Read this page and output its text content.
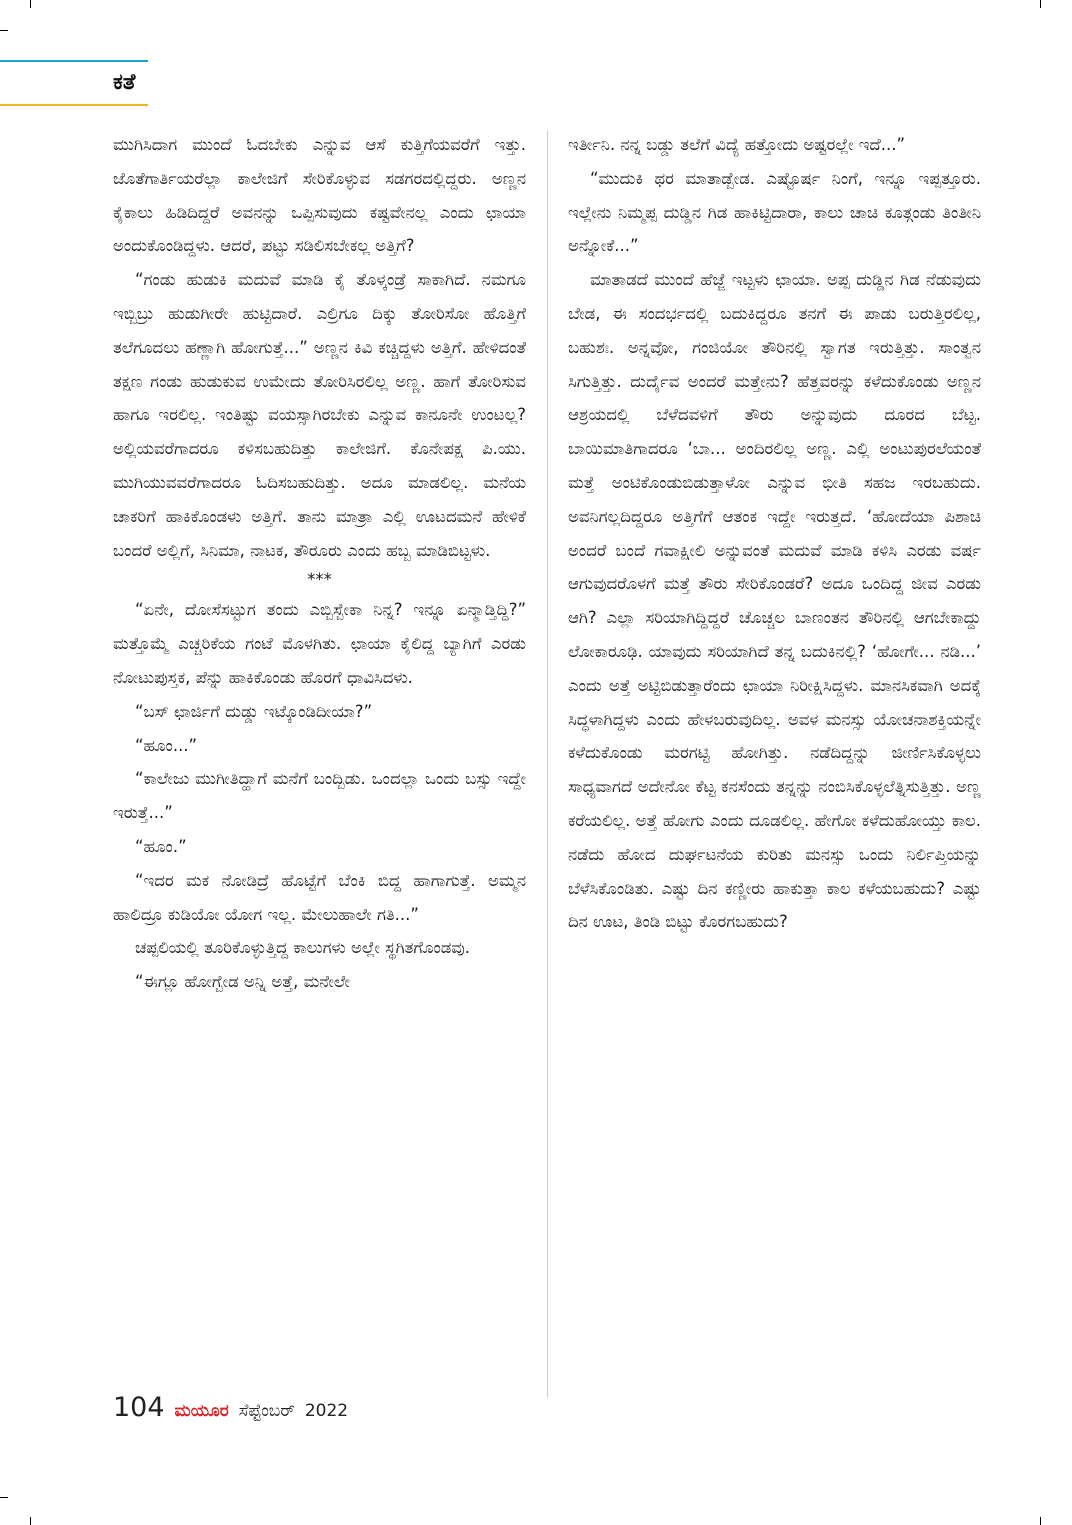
ಕತೆ

ಮುಗಿಸಿದಾಗ ಮುಂದೆ ಓದಬೇಕು ಎನ್ನುವ ಆಸೆ ಕುತ್ತಿಗೆಯವರೆಗೆ ಇತ್ತು. ಜೊತೆಗಾರ್ತಿಯರೆಲ್ಲಾ ಕಾಲೇಜಿಗೆ ಸೇರಿಕೊಳ್ಳುವ ಸಡಗರದಲ್ಲಿದ್ದರು. ಅಣ್ಣನ ಕೈಕಾಲು ಹಿಡಿದಿದ್ದರೆ ಅವನನ್ನು ಒಪ್ಪಿಸುವುದು ಕಷ್ಟವೇನಲ್ಲ ಎಂದು ಛಾಯಾ ಅಂದುಕೊಂಡಿದ್ದಳು. ಆದರೆ, ಪಟ್ಟು ಸಡಿಲಿಸಬೇಕಲ್ಲ ಅತ್ತಿಗೆ?

“ಗಂಡು ಹುಡುಕಿ ಮದುವೆ ಮಾಡಿ ಕೈ ತೊಳ್ಕಂಡ್ರೆ ಸಾಕಾಗಿದೆ. ನಮಗೂ ಇಬ್ಬಿಬ್ರು ಹುಡುಗೀರೇ ಹುಟ್ಟಿದಾರೆ. ಎಲ್ರಿಗೂ ದಿಕ್ಕು ತೋರಿಸೋ ಹೊತ್ತಿಗೆ ತಲೆಗೂದಲು ಹಣ್ಣಾಗಿ ಹೋಗುತ್ತೆ...” ಅಣ್ಣನ ಕಿವಿ ಕಚ್ಚಿದ್ದಳು ಅತ್ತಿಗೆ. ಹೇಳಿದಂತೆ ತಕ್ಷಣ ಗಂಡು ಹುಡುಕುವ ಉಮೇದು ತೋರಿಸಿರಲಿಲ್ಲ ಅಣ್ಣ. ಹಾಗೆ ತೋರಿಸುವ ಹಾಗೂ ಇರಲಿಲ್ಲ. ಇಂತಿಷ್ಟು ವಯಸ್ಸಾಗಿರಬೇಕು ಎನ್ನುವ ಕಾನೂನೇ ಉಂಟಲ್ಲ? ಅಲ್ಲಿಯವರೆಗಾದರೂ ಕಳಿಸಬಹುದಿತ್ತು ಕಾಲೇಜಿಗೆ. ಕೊನೇಪಕ್ಷ ಪಿ.ಯು. ಮುಗಿಯುವವರೆಗಾದರೂ ಓದಿಸಬಹುದಿತ್ತು. ಅದೂ ಮಾಡಲಿಲ್ಲ. ಮನೆಯ ಚಾಕರಿಗೆ ಹಾಕಿಕೊಂಡಳು ಅತ್ತಿಗೆ. ತಾನು ಮಾತ್ರಾ ಎಲ್ಲಿ ಊಟದಮನೆ ಹೇಳಿಕೆ ಬಂದರೆ ಅಲ್ಲಿಗೆ, ಸಿನಿಮಾ, ನಾಟಕ, ತೌರೂರು ಎಂದು ಹಬ್ಬ ಮಾಡಿಬಿಟ್ಟಳು.

***

“ಏನೇ, ದೋಸೆಸಟ್ಟುಗ ತಂದು ಎಬ್ಬಿಸ್ಬೇಕಾ ನಿನ್ನ? ಇನ್ನೂ ಏನ್ಮಾಡ್ತಿದ್ದಿ?” ಮತ್ತೊಮ್ಮೆ ಎಚ್ಚರಿಕೆಯ ಗಂಟೆ ಮೊಳಗಿತು. ಛಾಯಾ ಕೈಲಿದ್ದ ಬ್ಯಾಗಿಗೆ ಎರಡು ನೋಟುಪುಸ್ತಕ, ಪೆನ್ನು ಹಾಕಿಕೊಂಡು ಹೊರಗೆ ಧಾವಿಸಿದಳು.

“ಬಸ್ ಛಾರ್ಜಿಗೆ ದುಡ್ಡು ಇಟ್ಕೊಂಡಿದೀಯಾ?”

“ಹೂಂ...”

“ಕಾಲೇಜು ಮುಗೀತಿದ್ಹಾಗೆ ಮನೆಗೆ ಬಂದ್ಬಿಡು. ಒಂದಲ್ಲಾ ಒಂದು ಬಸ್ಸು ಇದ್ದೇ ಇರುತ್ತೆ...”

“ಹೂಂ.”

“ಇದರ ಮಕ ನೋಡಿದ್ರೆ ಹೊಟ್ಟೆಗೆ ಬೆಂಕಿ ಬಿದ್ದ ಹಾಗಾಗುತ್ತೆ. ಅಮ್ಮನ ಹಾಲಿದ್ರೂ ಕುಡಿಯೋ ಯೋಗ ಇಲ್ಲ. ಮೇಲುಹಾಲೇ ಗತಿ...”

ಚಪ್ಪಲಿಯಲ್ಲಿ ತೂರಿಕೊಳ್ಳುತ್ತಿದ್ದ ಕಾಲುಗಳು ಅಲ್ಲೇ ಸ್ಥಗಿತಗೊಂಡವು.

“ಈಗ್ಲೂ ಹೋಗ್ಬೇಡ ಅನ್ನಿ ಅತ್ತೆ, ಮನೇಲೇ

ಇರ್ತೀನಿ. ನನ್ನ ಬಡ್ಡು ತಲೆಗೆ ವಿದ್ಯೆ ಹತ್ತೋದು ಅಷ್ಟರಲ್ಲೇ ಇದೆ...”

“ಮುದುಕಿ ಥರ ಮಾತಾಡ್ಬೇಡ. ಎಷ್ಟೊರ್ಷ ನಿಂಗೆ, ಇನ್ನೂ ಇಪ್ಪತ್ತೂರು. ಇಲ್ಲೇನು ನಿಮ್ಮಪ್ಪ ದುಡ್ಡಿನ ಗಿಡ ಹಾಕಿಟ್ಟಿದಾರಾ, ಕಾಲು ಚಾಚಿ ಕೂತ್ಗಂಡು ತಿಂತೀನಿ ಅನ್ನೋಕೆ...”

ಮಾತಾಡದೆ ಮುಂದೆ ಹೆಜ್ಜೆ ಇಟ್ಟಳು ಛಾಯಾ. ಅಪ್ಪ ದುಡ್ಡಿನ ಗಿಡ ನೆಡುವುದು ಬೇಡ, ಈ ಸಂದರ್ಭದಲ್ಲಿ ಬದುಕಿದ್ದರೂ ತನಗೆ ಈ ಪಾಡು ಬರುತ್ತಿರಲಿಲ್ಲ, ಬಹುಶಃ. ಅನ್ನವೋ, ಗಂಜಿಯೋ ತೌರಿನಲ್ಲಿ ಸ್ವಾಗತ ಇರುತ್ತಿತ್ತು. ಸಾಂತ್ವನ ಸಿಗುತ್ತಿತ್ತು. ದುರ್ದೈವ ಅಂದರೆ ಮತ್ತೇನು? ಹೆತ್ತವರನ್ನು ಕಳೆದುಕೊಂಡು ಅಣ್ಣನ ಆಶ್ರಯದಲ್ಲಿ ಬೆಳೆದವಳಿಗೆ ತೌರು ಅನ್ನುವುದು ದೂರದ ಬೆಟ್ಟ. ಬಾಯಿಮಾತಿಗಾದರೂ ‘ಬಾ... ಅಂದಿರಲಿಲ್ಲ ಅಣ್ಣ. ಎಲ್ಲಿ ಅಂಟುಪುರಲೆಯಂತೆ ಮತ್ತೆ ಅಂಟಿಕೊಂಡುಬಿಡುತ್ತಾಳೋ ಎನ್ನುವ ಭೀತಿ ಸಹಜ ಇರಬಹುದು. ಅವನಿಗಲ್ಲದಿದ್ದರೂ ಅತ್ತಿಗೆಗೆ ಆತಂಕ ಇದ್ದೇ ಇರುತ್ತದೆ. ‘ಹೋದೆಯಾ ಪಿಶಾಚಿ ಅಂದರೆ ಬಂದೆ ಗವಾಕ್ಷೀಲಿ ಅನ್ನುವಂತೆ ಮದುವೆ ಮಾಡಿ ಕಳಿಸಿ ಎರಡು ವರ್ಷ ಆಗುವುದರೊಳಗೆ ಮತ್ತೆ ತೌರು ಸೇರಿಕೊಂಡರೆ? ಅದೂ ಒಂದಿದ್ದ ಜೀವ ಎರಡು ಆಗಿ? ಎಲ್ಲಾ ಸರಿಯಾಗಿದ್ದಿದ್ದರೆ ಚೊಚ್ಚಲ ಬಾಣಂತನ ತೌರಿನಲ್ಲಿ ಆಗಬೇಕಾದ್ದು ಲೋಕಾರೂಢಿ. ಯಾವುದು ಸರಿಯಾಗಿದೆ ತನ್ನ ಬದುಕಿನಲ್ಲಿ? ‘ಹೋಗೇ... ನಡಿ...’ ಎಂದು ಅತ್ತೆ ಅಟ್ಟಿಬಿಡುತ್ತಾರೆಂದು ಛಾಯಾ ನಿರೀಕ್ಷಿಸಿದ್ದಳು. ಮಾನಸಿಕವಾಗಿ ಅದಕ್ಕೆ ಸಿದ್ಧಳಾಗಿದ್ದಳು ಎಂದು ಹೇಳಬರುವುದಿಲ್ಲ. ಅವಳ ಮನಸ್ಸು ಯೋಚನಾಶಕ್ತಿಯನ್ನೇ ಕಳೆದುಕೊಂಡು ಮರಗಟ್ಟಿ ಹೋಗಿತ್ತು. ನಡೆದಿದ್ದನ್ನು ಜೀರ್ಣಿಸಿಕೊಳ್ಳಲು ಸಾಧ್ಯವಾಗದೆ ಅದೇನೋ ಕೆಟ್ಟ ಕನಸೆಂದು ತನ್ನನ್ನು ನಂಬಿಸಿಕೊಳ್ಳಲೆತ್ನಿಸುತ್ತಿತ್ತು. ಅಣ್ಣ ಕರೆಯಲಿಲ್ಲ. ಅತ್ತೆ ಹೋಗು ಎಂದು ದೂಡಲಿಲ್ಲ. ಹೇಗೋ ಕಳೆದುಹೋಯ್ತು ಕಾಲ. ನಡೆದು ಹೋದ ದುರ್ಘಟನೆಯ ಕುರಿತು ಮನಸ್ಸು ಒಂದು ನಿರ್ಲಿಪ್ತಿಯನ್ನು ಬೆಳೆಸಿಕೊಂಡಿತು. ಎಷ್ಟು ದಿನ ಕಣ್ಣೀರು ಹಾಕುತ್ತಾ ಕಾಲ ಕಳೆಯಬಹುದು? ಎಷ್ಟು ದಿನ ಊಟ, ತಿಂಡಿ ಬಿಟ್ಟು ಕೊರಗಬಹುದು?

104 ಮಯೂರ ಸೆಪ್ಟೆಂಬರ್ 2022
